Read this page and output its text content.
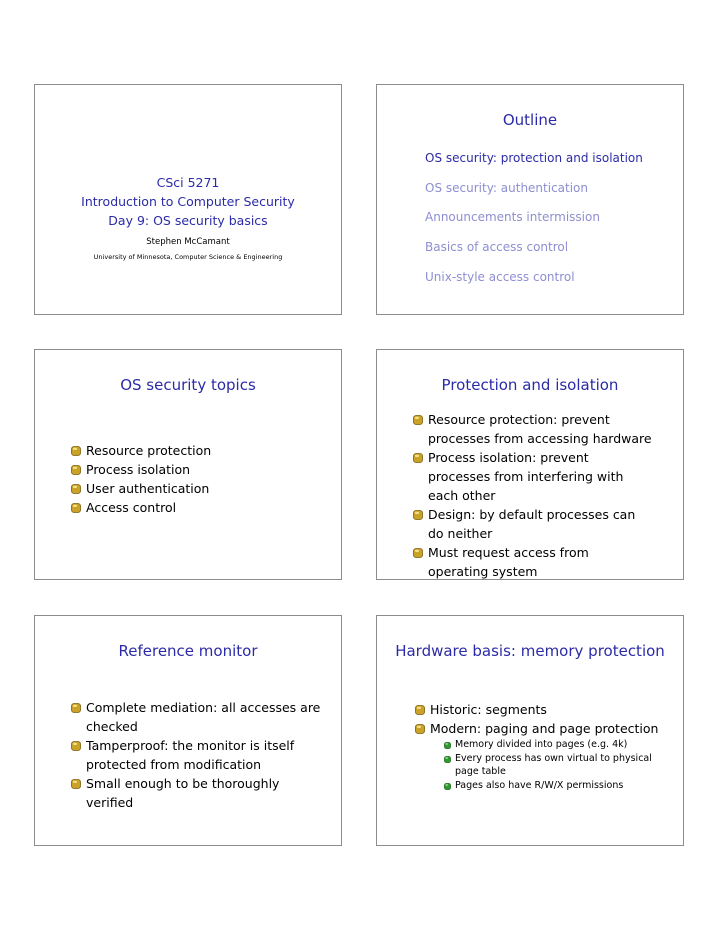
CSci 5271
Introduction to Computer Security
Day 9: OS security basics
Stephen McCamant
University of Minnesota, Computer Science & Engineering
Outline
OS security: protection and isolation
OS security: authentication
Announcements intermission
Basics of access control
Unix-style access control
OS security topics
Resource protection
Process isolation
User authentication
Access control
Protection and isolation
Resource protection: prevent processes from accessing hardware
Process isolation: prevent processes from interfering with each other
Design: by default processes can do neither
Must request access from operating system
Reference monitor
Complete mediation: all accesses are checked
Tamperproof: the monitor is itself protected from modification
Small enough to be thoroughly verified
Hardware basis: memory protection
Historic: segments
Modern: paging and page protection
Memory divided into pages (e.g. 4k)
Every process has own virtual to physical page table
Pages also have R/W/X permissions
